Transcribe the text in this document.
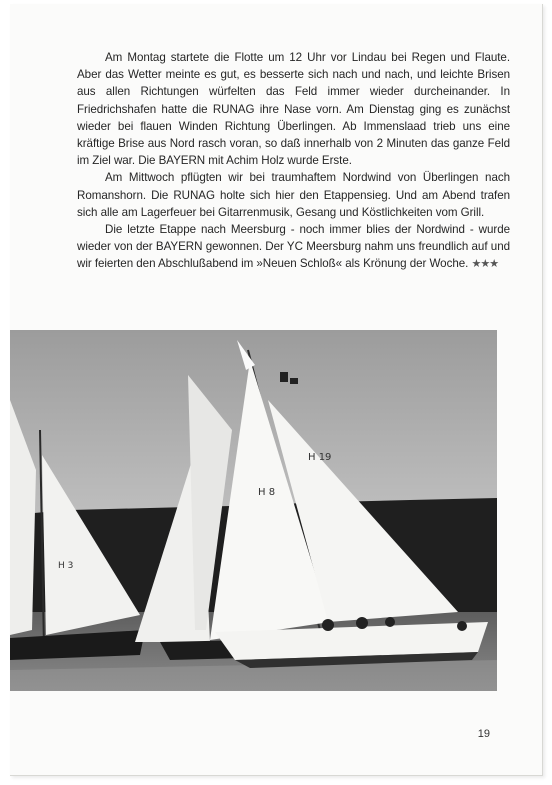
Am Montag startete die Flotte um 12 Uhr vor Lindau bei Regen und Flaute. Aber das Wetter meinte es gut, es besserte sich nach und nach, und leichte Brisen aus allen Richtungen würfelten das Feld immer wieder durcheinander. In Friedrichshafen hatte die RUNAG ihre Nase vorn. Am Dienstag ging es zunächst wieder bei flauen Winden Richtung Überlingen. Ab Immenslaad trieb uns eine kräftige Brise aus Nord rasch voran, so daß innerhalb von 2 Minuten das ganze Feld im Ziel war. Die BAYERN mit Achim Holz wurde Erste.

Am Mittwoch pflügten wir bei traumhaftem Nordwind von Überlingen nach Romanshorn. Die RUNAG holte sich hier den Etappensieg. Und am Abend trafen sich alle am Lagerfeuer bei Gitarrenmusik, Gesang und Köstlichkeiten vom Grill.

Die letzte Etappe nach Meersburg - noch immer blies der Nordwind - wurde wieder von der BAYERN gewonnen. Der YC Meersburg nahm uns freundlich auf und wir feierten den Abschlußabend im »Neuen Schloß« als Krönung der Woche. ★★★

H 3
H 19
H 8
19
